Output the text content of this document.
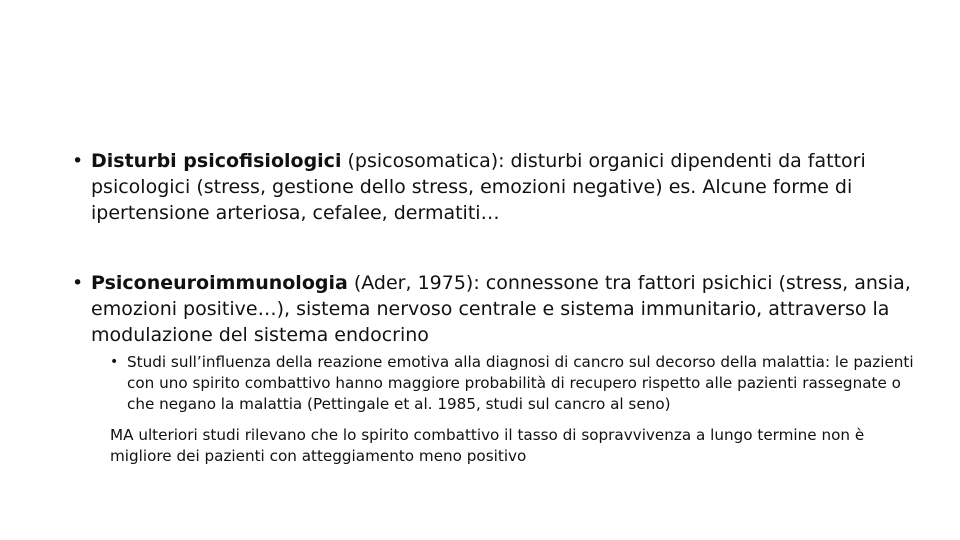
• Disturbi psicofisiologici (psicosomatica): disturbi organici dipendenti da fattori psicologici (stress, gestione dello stress, emozioni negative) es. Alcune forme di ipertensione arteriosa, cefalee, dermatiti…
• Psiconeuroimmunologia (Ader, 1975): connessone tra fattori psichici (stress, ansia, emozioni positive…), sistema nervoso centrale e sistema immunitario, attraverso la modulazione del sistema endocrino
• Studi sull’influenza della reazione emotiva alla diagnosi di cancro sul decorso della malattia: le pazienti con uno spirito combattivo hanno maggiore probabilità di recupero rispetto alle pazienti rassegnate o che negano la malattia (Pettingale et al. 1985, studi sul cancro al seno)
MA ulteriori studi rilevano che lo spirito combattivo il tasso di sopravvivenza a lungo termine non è migliore dei pazienti con atteggiamento meno positivo
